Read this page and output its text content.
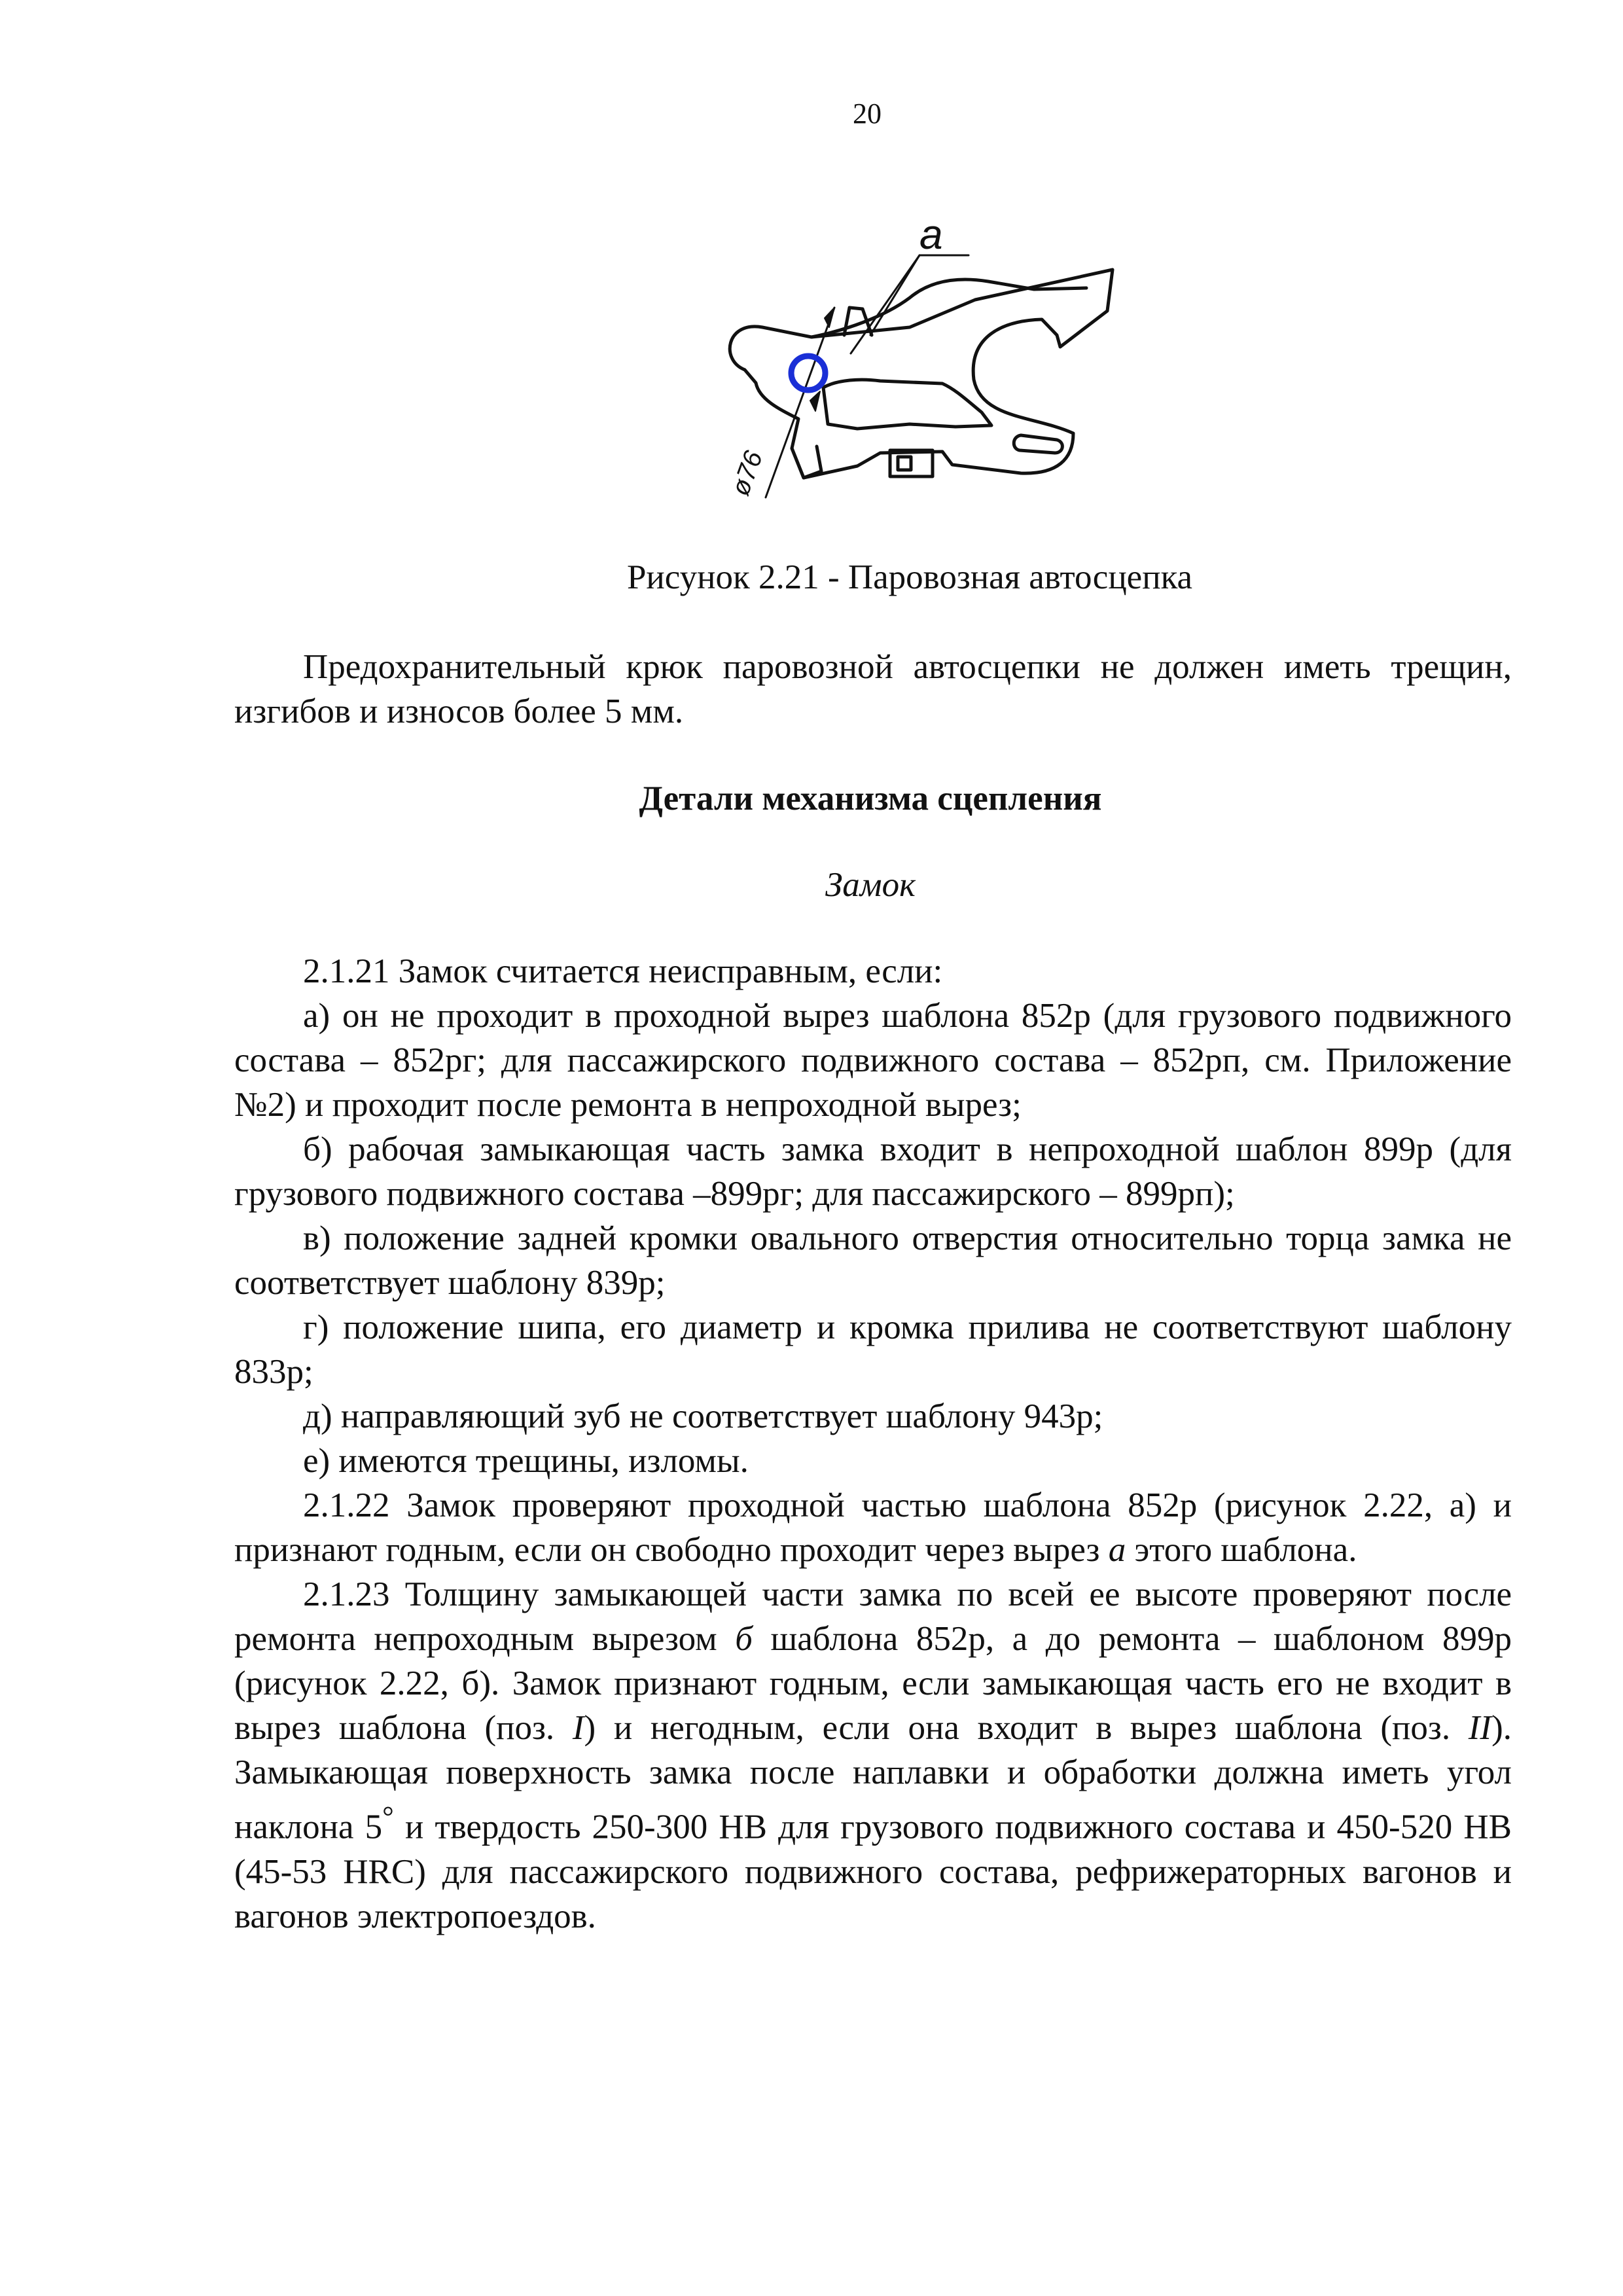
20
a
ø76
Рисунок 2.21 - Паровозная автосцепка

Предохранительный крюк паровозной автосцепки не должен иметь трещин, изгибов и износов более 5 мм.

Детали механизма сцепления
Замок

2.1.21 Замок считается неисправным, если:

а) он не проходит в проходной вырез шаблона 852р (для грузового подвижного состава – 852рг; для пассажирского подвижного состава – 852рп, см. Приложение №2) и проходит после ремонта в непроходной вырез;

б) рабочая замыкающая часть замка входит в непроходной шаблон 899р (для грузового подвижного состава –899рг; для пассажирского – 899рп);

в) положение задней кромки овального отверстия относительно торца замка не соответствует шаблону 839р;

г) положение шипа, его диаметр и кромка прилива не соответствуют шаблону 833р;

д) направляющий зуб не соответствует шаблону 943р;

е) имеются трещины, изломы.

2.1.22 Замок проверяют проходной частью шаблона 852р (рисунок 2.22, а) и признают годным, если он свободно проходит через вырез а этого шаблона.

2.1.23 Толщину замыкающей части замка по всей ее высоте проверяют после ремонта непроходным вырезом б шаблона 852р, а до ремонта – шаблоном 899р (рисунок 2.22, б). Замок признают годным, если замыкающая часть его не входит в вырез шаблона (поз. I) и негодным, если она входит в вырез шаблона (поз. II). Замыкающая поверхность замка после наплавки и обработки должна иметь угол наклона 5° и твердость 250-300 НВ для грузового подвижного состава и 450-520 НВ (45-53 HRC) для пассажирского подвижного состава, рефрижераторных вагонов и вагонов электропоездов.
